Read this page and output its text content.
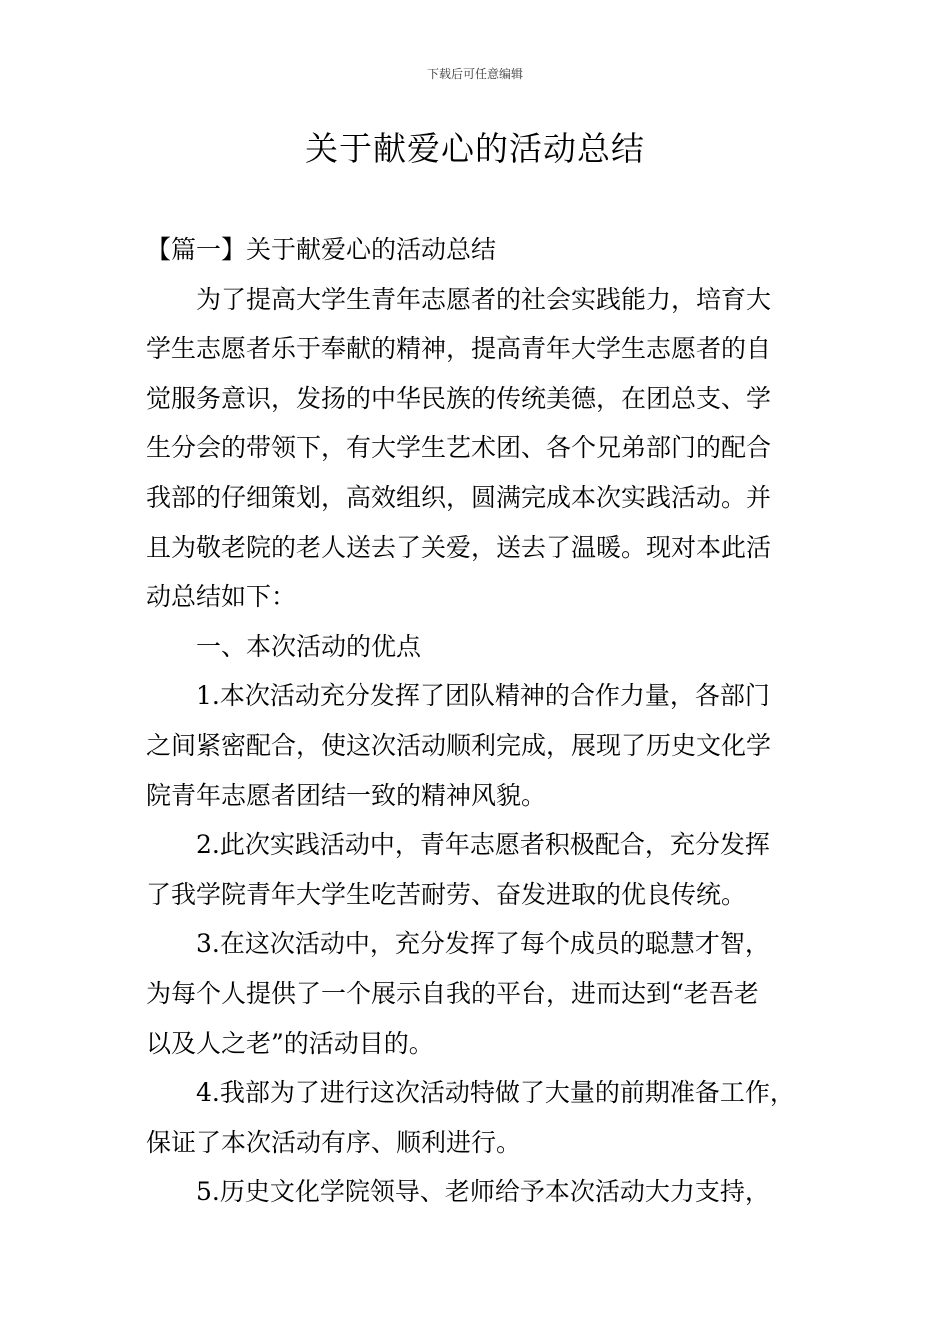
下载后可任意编辑
关于献爱心的活动总结
【篇一】关于献爱心的活动总结
为了提高大学生青年志愿者的社会实践能力，培育大
学生志愿者乐于奉献的精神，提高青年大学生志愿者的自
觉服务意识，发扬的中华民族的传统美德，在团总支、学
生分会的带领下，有大学生艺术团、各个兄弟部门的配合
我部的仔细策划，高效组织，圆满完成本次实践活动。并
且为敬老院的老人送去了关爱，送去了温暖。现对本此活
动总结如下：
一、本次活动的优点
1.本次活动充分发挥了团队精神的合作力量，各部门
之间紧密配合，使这次活动顺利完成，展现了历史文化学
院青年志愿者团结一致的精神风貌。
2.此次实践活动中，青年志愿者积极配合，充分发挥
了我学院青年大学生吃苦耐劳、奋发进取的优良传统。
3.在这次活动中，充分发挥了每个成员的聪慧才智，
为每个人提供了一个展示自我的平台，进而达到“老吾老
以及人之老”的活动目的。
4.我部为了进行这次活动特做了大量的前期准备工作，
保证了本次活动有序、顺利进行。
5.历史文化学院领导、老师给予本次活动大力支持，
